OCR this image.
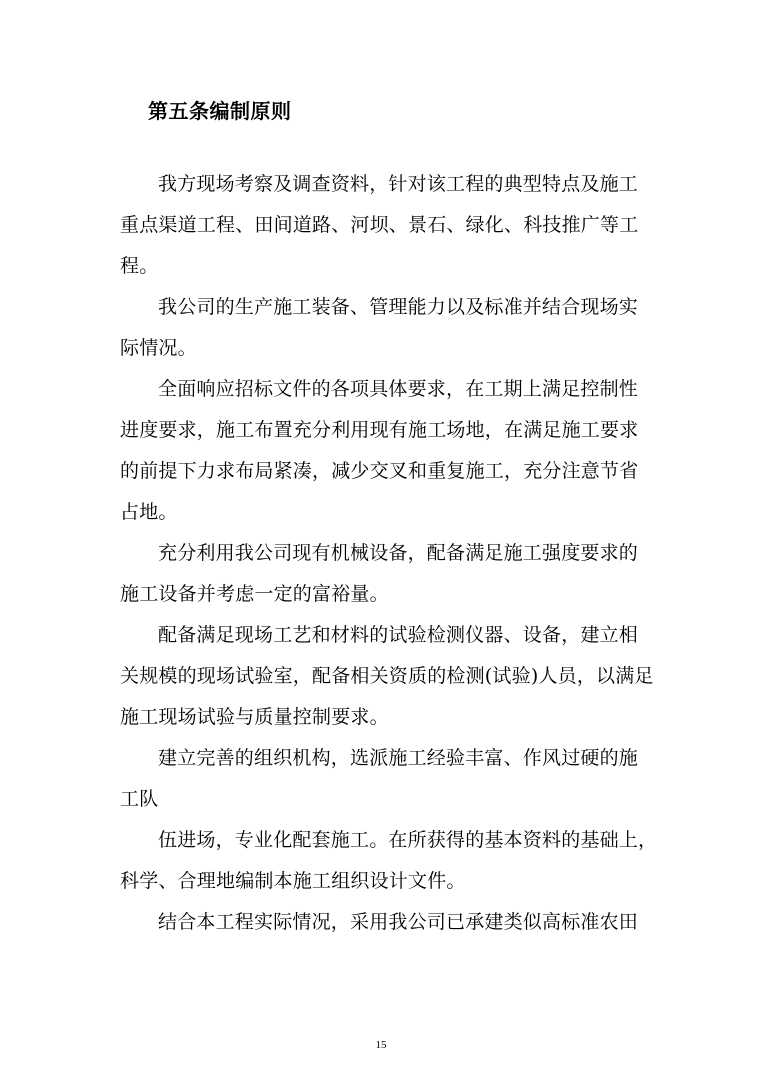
第五条编制原则
我方现场考察及调查资料，针对该工程的典型特点及施工
重点渠道工程、田间道路、河坝、景石、绿化、科技推广等工
程。
我公司的生产施工装备、管理能力以及标准并结合现场实
际情况。
全面响应招标文件的各项具体要求，在工期上满足控制性
进度要求，施工布置充分利用现有施工场地，在满足施工要求
的前提下力求布局紧凑，减少交叉和重复施工，充分注意节省
占地。
充分利用我公司现有机械设备，配备满足施工强度要求的
施工设备并考虑一定的富裕量。
配备满足现场工艺和材料的试验检测仪器、设备，建立相
关规模的现场试验室，配备相关资质的检测(试验)人员，以满足
施工现场试验与质量控制要求。
建立完善的组织机构，选派施工经验丰富、作风过硬的施
工队
伍进场，专业化配套施工。在所获得的基本资料的基础上，
科学、合理地编制本施工组织设计文件。
结合本工程实际情况，采用我公司已承建类似高标准农田
15
